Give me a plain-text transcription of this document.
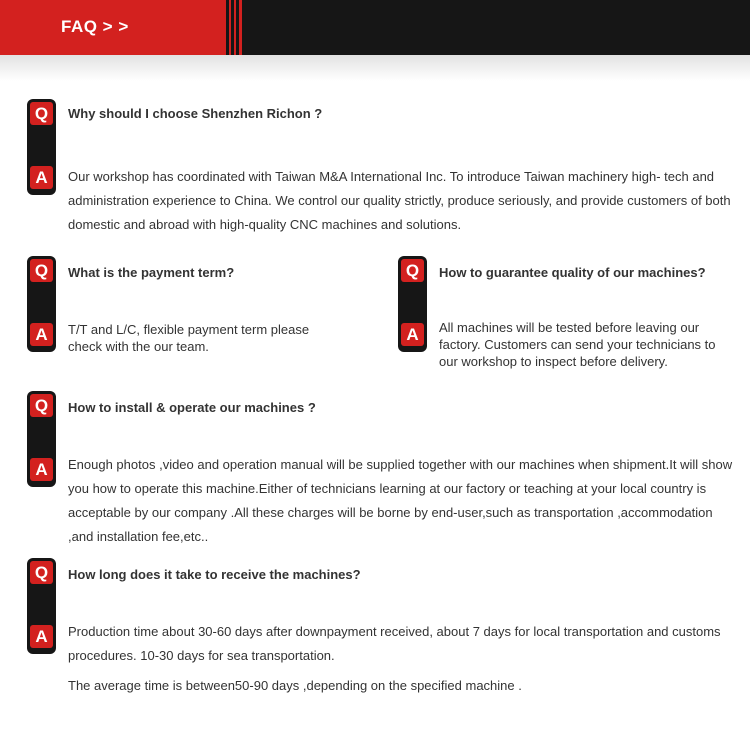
FAQ > >
Q
A
Why should I choose Shenzhen Richon ?
Our workshop has coordinated with Taiwan M&A International Inc. To introduce Taiwan machinery high- tech and administration experience to China. We control our quality strictly, produce seriously, and provide customers of both domestic and abroad with high-quality CNC machines and solutions.
Q
A
What is the payment term?
T/T and L/C, flexible payment term please check with the our team.
Q
A
How to guarantee quality of our machines?
All machines will be tested before leaving our factory. Customers can send your technicians to our workshop to inspect before delivery.
Q
A
How to install & operate our machines ?
Enough photos ,video and operation manual will be supplied together with our machines when shipment.It will show you how to operate this machine.Either of technicians learning at our factory or teaching at your local country is acceptable by our company .All these charges will be borne by end-user,such as transportation ,accommodation ,and installation fee,etc..
Q
A
How long does it take to receive the machines?
Production time about 30-60 days after downpayment received, about 7 days for local transportation and customs procedures. 10-30 days for sea transportation.
The average time is between50-90 days ,depending on the specified machine .
